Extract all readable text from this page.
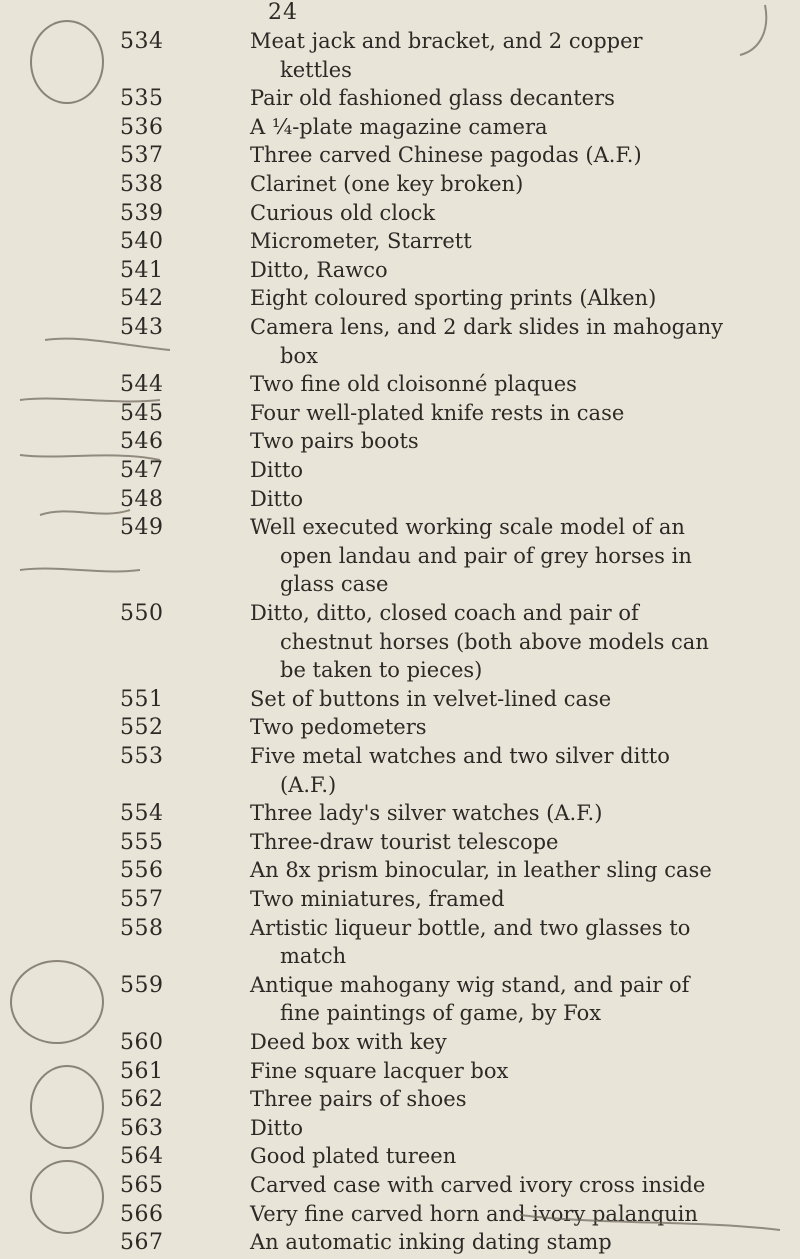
24
534	Meat jack and bracket, and 2 copper
kettles
535	Pair old fashioned glass decanters
536	A ¼-plate magazine camera
537	Three carved Chinese pagodas (A.F.)
538	Clarinet (one key broken)
539	Curious old clock
540	Micrometer, Starrett
541	Ditto, Rawco
542	Eight coloured sporting prints (Alken)
543	Camera lens, and 2 dark slides in mahogany
box
544	Two fine old cloisonné plaques
545	Four well-plated knife rests in case
546	Two pairs boots
547	Ditto
548	Ditto
549	Well executed working scale model of an
open landau and pair of grey horses in
glass case
550	Ditto, ditto, closed coach and pair of
chestnut horses (both above models can
be taken to pieces)
551	Set of buttons in velvet-lined case
552	Two pedometers
553	Five metal watches and two silver ditto
(A.F.)
554	Three lady's silver watches (A.F.)
555	Three-draw tourist telescope
556	An 8x prism binocular, in leather sling case
557	Two miniatures, framed
558	Artistic liqueur bottle, and two glasses to
match
559	Antique mahogany wig stand, and pair of
fine paintings of game, by Fox
560	Deed box with key
561	Fine square lacquer box
562	Three pairs of shoes
563	Ditto
564	Good plated tureen
565	Carved case with carved ivory cross inside
566	Very fine carved horn and ivory palanquin
567	An automatic inking dating stamp
